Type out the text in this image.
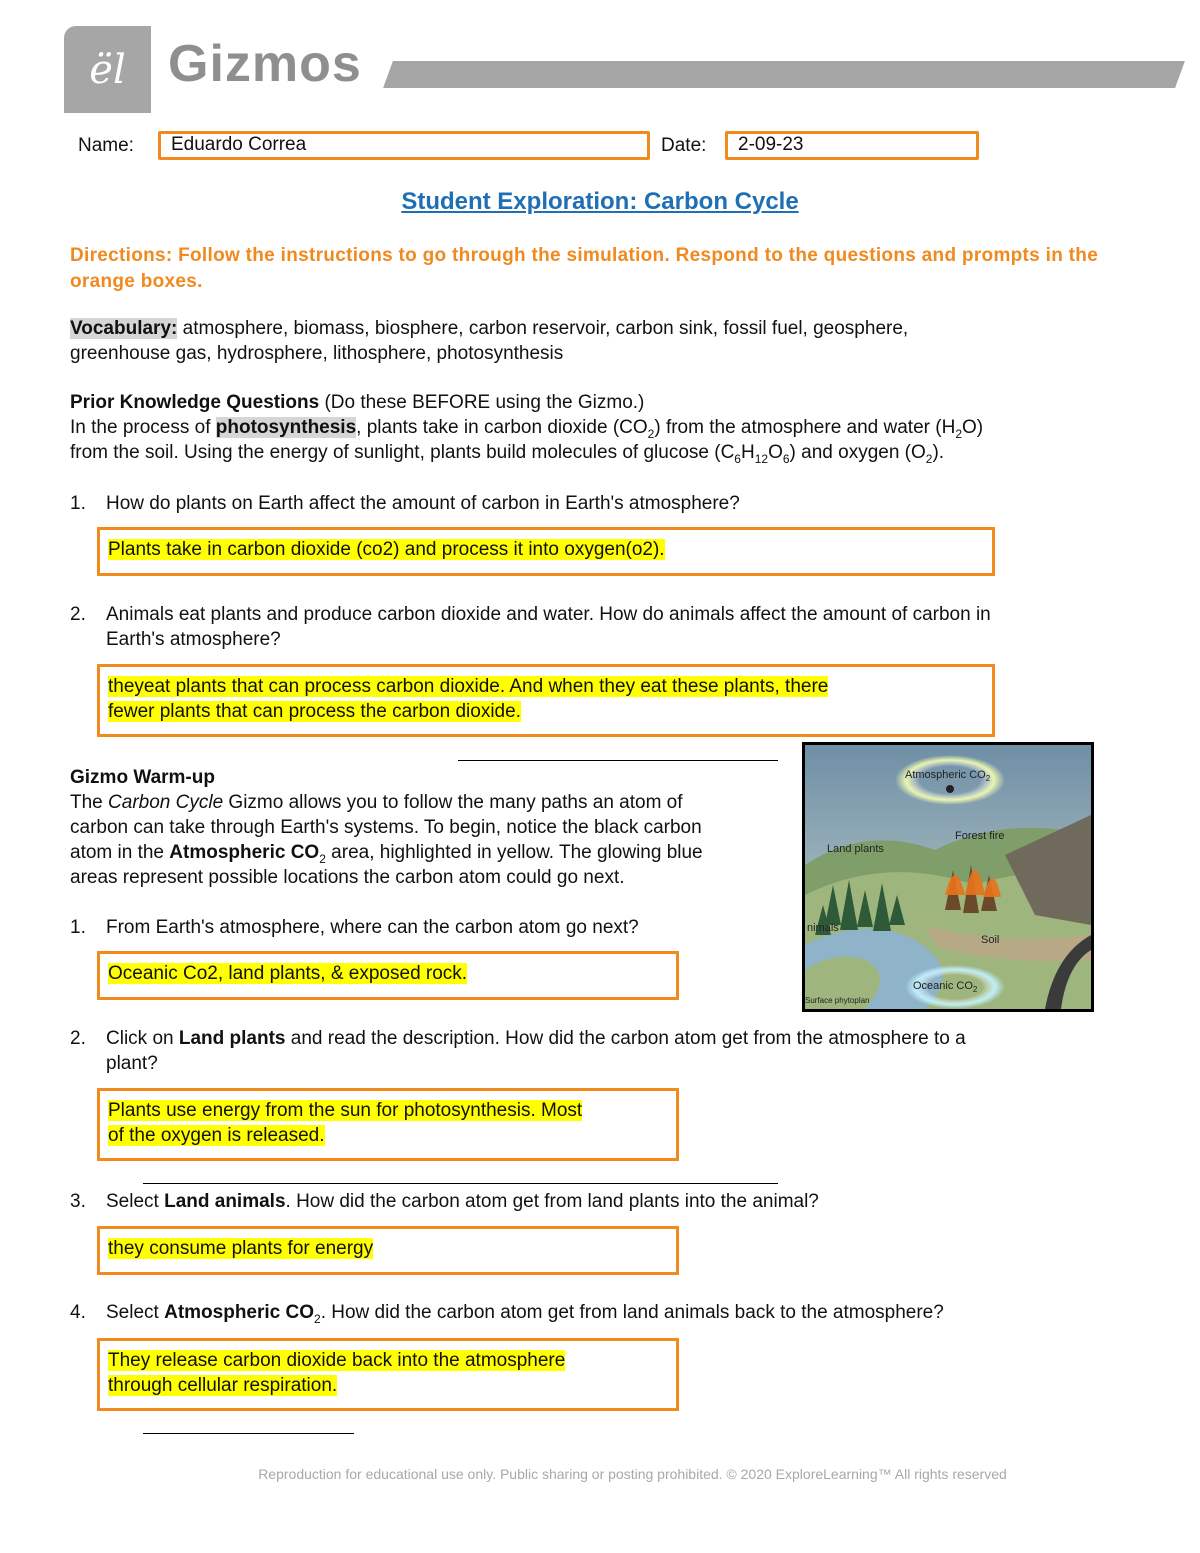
ël Gizmos
Name:	Eduardo Correa	Date:	2-09-23
Student Exploration: Carbon Cycle
Directions: Follow the instructions to go through the simulation. Respond to the questions and prompts in the orange boxes.
Vocabulary: atmosphere, biomass, biosphere, carbon reservoir, carbon sink, fossil fuel, geosphere,
greenhouse gas, hydrosphere, lithosphere, photosynthesis
Prior Knowledge Questions (Do these BEFORE using the Gizmo.)
In the process of photosynthesis, plants take in carbon dioxide $(CO_2)$ from the atmosphere and water $(H_2O)$
from the soil. Using the energy of sunlight, plants build molecules of glucose $(C_6H_{12}O_6)$ and oxygen $(O_2)$.
1. How do plants on Earth affect the amount of carbon in Earth's atmosphere?
Plants take in carbon dioxide (co2) and process it into oxygen(o2).
2. Animals eat plants and produce carbon dioxide and water. How do animals affect the amount of carbon in
Earth's atmosphere?
theyeat plants that can process carbon dioxide. And when they eat these plants, there
fewer plants that can process the carbon dioxide.
Gizmo Warm-up
The Carbon Cycle Gizmo allows you to follow the many paths an atom of
carbon can take through Earth's systems. To begin, notice the black carbon
atom in the Atmospheric $CO_2$ area, highlighted in yellow. The glowing blue
areas represent possible locations the carbon atom could go next.
Atmospheric $CO_2$
Forest fire
Land plants
nimals
Soil
Oceanic $CO_2$
Surface phytoplan
1. From Earth's atmosphere, where can the carbon atom go next?
Oceanic Co2, land plants, & exposed rock.
2. Click on Land plants and read the description. How did the carbon atom get from the atmosphere to a
plant?
Plants use energy from the sun for photosynthesis. Most
of the oxygen is released.
3. Select Land animals. How did the carbon atom get from land plants into the animal?
they consume plants for energy
4. Select Atmospheric $CO_2$. How did the carbon atom get from land animals back to the atmosphere?
They release carbon dioxide back into the atmosphere
through cellular respiration.
Reproduction for educational use only. Public sharing or posting prohibited. © 2020 ExploreLearning™ All rights reserved
